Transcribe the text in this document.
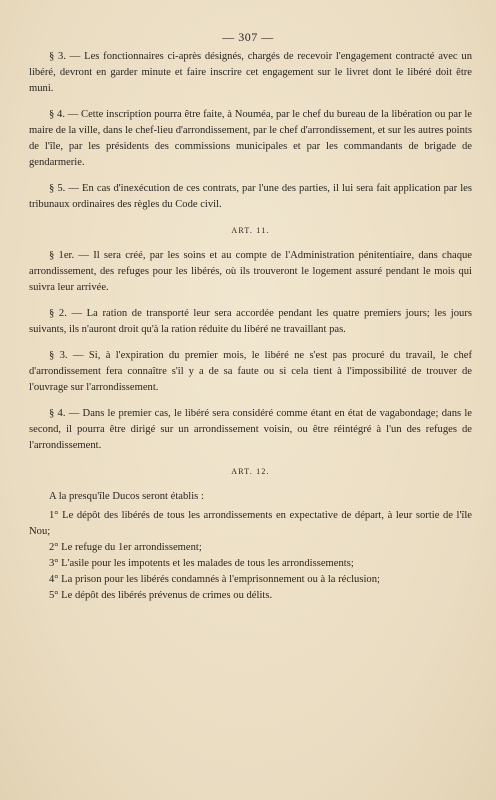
— 307 —

§ 3. — Les fonctionnaires ci-après désignés, chargés de recevoir l'engagement contracté avec un libéré, devront en garder minute et faire inscrire cet engagement sur le livret dont le libéré doit être muni.

§ 4. — Cette inscription pourra être faite, à Nouméa, par le chef du bureau de la libération ou par le maire de la ville, dans le chef-lieu d'arrondissement, par le chef d'arrondissement, et sur les autres points de l'île, par les présidents des commissions municipales et par les commandants de brigade de gendarmerie.

§ 5. — En cas d'inexécution de ces contrats, par l'une des parties, il lui sera fait application par les tribunaux ordinaires des règles du Code civil.

ART. 11.

§ 1er. — Il sera créé, par les soins et au compte de l'Administration pénitentiaire, dans chaque arrondissement, des refuges pour les libérés, où ils trouveront le logement assuré pendant le mois qui suivra leur arrivée.

§ 2. — La ration de transporté leur sera accordée pendant les quatre premiers jours; les jours suivants, ils n'auront droit qu'à la ration réduite du libéré ne travaillant pas.

§ 3. — Si, à l'expiration du premier mois, le libéré ne s'est pas procuré du travail, le chef d'arrondissement fera connaître s'il y a de sa faute ou si cela tient à l'impossibilité de trouver de l'ouvrage sur l'arrondissement.

§ 4. — Dans le premier cas, le libéré sera considéré comme étant en état de vagabondage; dans le second, il pourra être dirigé sur un arrondissement voisin, ou être réintégré à l'un des refuges de l'arrondissement.

ART. 12.

A la presqu'île Ducos seront établis :

1° Le dépôt des libérés de tous les arrondissements en expectative de départ, à leur sortie de l'île Nou;
2° Le refuge du 1er arrondissement;
3° L'asile pour les impotents et les malades de tous les arrondissements;
4° La prison pour les libérés condamnés à l'emprisonnement ou à la réclusion;
5° Le dépôt des libérés prévenus de crimes ou délits.
